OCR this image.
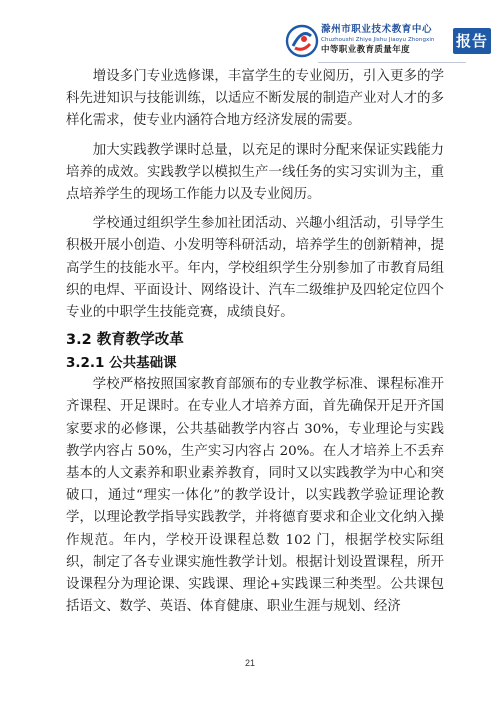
滁州市职业技术教育中心
Chuzhoushi Zhiye Jishu Jiaoyu Zhongxin
中等职业教育质量年度	报告

增设多门专业选修课，丰富学生的专业阅历，引入更多的学科先进知识与技能训练，以适应不断发展的制造产业对人才的多样化需求，使专业内涵符合地方经济发展的需要。

加大实践教学课时总量，以充足的课时分配来保证实践能力培养的成效。实践教学以模拟生产一线任务的实习实训为主，重点培养学生的现场工作能力以及专业阅历。

学校通过组织学生参加社团活动、兴趣小组活动，引导学生积极开展小创造、小发明等科研活动，培养学生的创新精神，提高学生的技能水平。年内，学校组织学生分别参加了市教育局组织的电焊、平面设计、网络设计、汽车二级维护及四轮定位四个专业的中职学生技能竞赛，成绩良好。

3.2 教育教学改革
3.2.1 公共基础课

学校严格按照国家教育部颁布的专业教学标准、课程标准开齐课程、开足课时。在专业人才培养方面，首先确保开足开齐国家要求的必修课，公共基础教学内容占 30%，专业理论与实践教学内容占 50%，生产实习内容占 20%。在人才培养上不丢弃基本的人文素养和职业素养教育，同时又以实践教学为中心和突破口，通过“理实一体化”的教学设计，以实践教学验证理论教学，以理论教学指导实践教学，并将德育要求和企业文化纳入操作规范。年内，学校开设课程总数 102 门，根据学校实际组织，制定了各专业课实施性教学计划。根据计划设置课程，所开设课程分为理论课、实践课、理论+实践课三种类型。公共课包括语文、数学、英语、体育健康、职业生涯与规划、经济

21
